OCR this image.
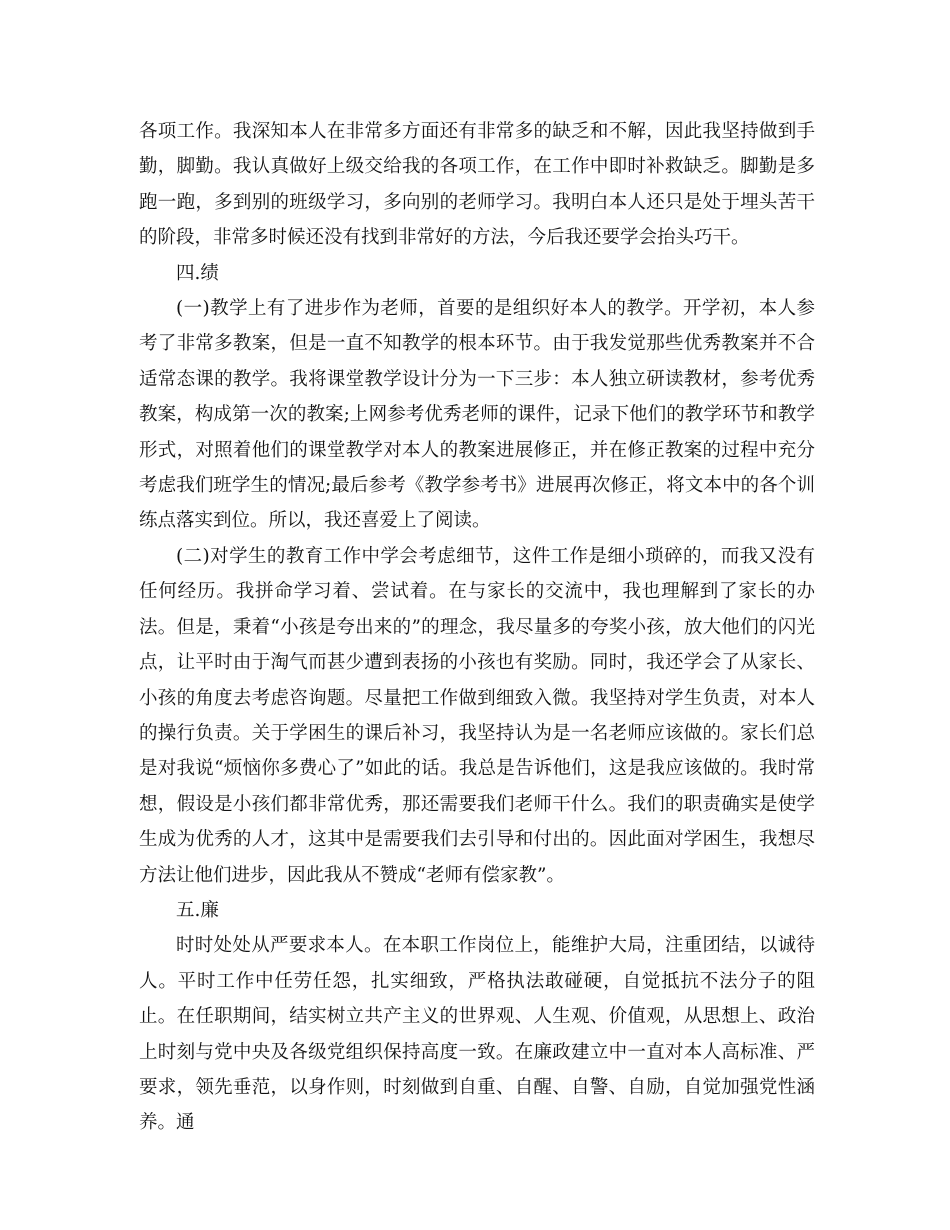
各项工作。我深知本人在非常多方面还有非常多的缺乏和不解，因此我坚持做到手勤，脚勤。我认真做好上级交给我的各项工作，在工作中即时补救缺乏。脚勤是多跑一跑，多到别的班级学习，多向别的老师学习。我明白本人还只是处于埋头苦干的阶段，非常多时候还没有找到非常好的方法，今后我还要学会抬头巧干。

四.绩

(一)教学上有了进步作为老师，首要的是组织好本人的教学。开学初，本人参考了非常多教案，但是一直不知教学的根本环节。由于我发觉那些优秀教案并不合适常态课的教学。我将课堂教学设计分为一下三步：本人独立研读教材，参考优秀教案，构成第一次的教案;上网参考优秀老师的课件，记录下他们的教学环节和教学形式，对照着他们的课堂教学对本人的教案进展修正，并在修正教案的过程中充分考虑我们班学生的情况;最后参考《教学参考书》进展再次修正，将文本中的各个训练点落实到位。所以，我还喜爱上了阅读。

(二)对学生的教育工作中学会考虑细节，这件工作是细小琐碎的，而我又没有任何经历。我拼命学习着、尝试着。在与家长的交流中，我也理解到了家长的办法。但是，秉着“小孩是夸出来的”的理念，我尽量多的夸奖小孩，放大他们的闪光点，让平时由于淘气而甚少遭到表扬的小孩也有奖励。同时，我还学会了从家长、小孩的角度去考虑咨询题。尽量把工作做到细致入微。我坚持对学生负责，对本人的操行负责。关于学困生的课后补习，我坚持认为是一名老师应该做的。家长们总是对我说“烦恼你多费心了”如此的话。我总是告诉他们，这是我应该做的。我时常想，假设是小孩们都非常优秀，那还需要我们老师干什么。我们的职责确实是使学生成为优秀的人才，这其中是需要我们去引导和付出的。因此面对学困生，我想尽方法让他们进步，因此我从不赞成“老师有偿家教”。

五.廉

时时处处从严要求本人。在本职工作岗位上，能维护大局，注重团结，以诚待人。平时工作中任劳任怨，扎实细致，严格执法敢碰硬，自觉抵抗不法分子的阻止。在任职期间，结实树立共产主义的世界观、人生观、价值观，从思想上、政治上时刻与党中央及各级党组织保持高度一致。在廉政建立中一直对本人高标准、严要求，领先垂范，以身作则，时刻做到自重、自醒、自警、自励，自觉加强党性涵养。通
